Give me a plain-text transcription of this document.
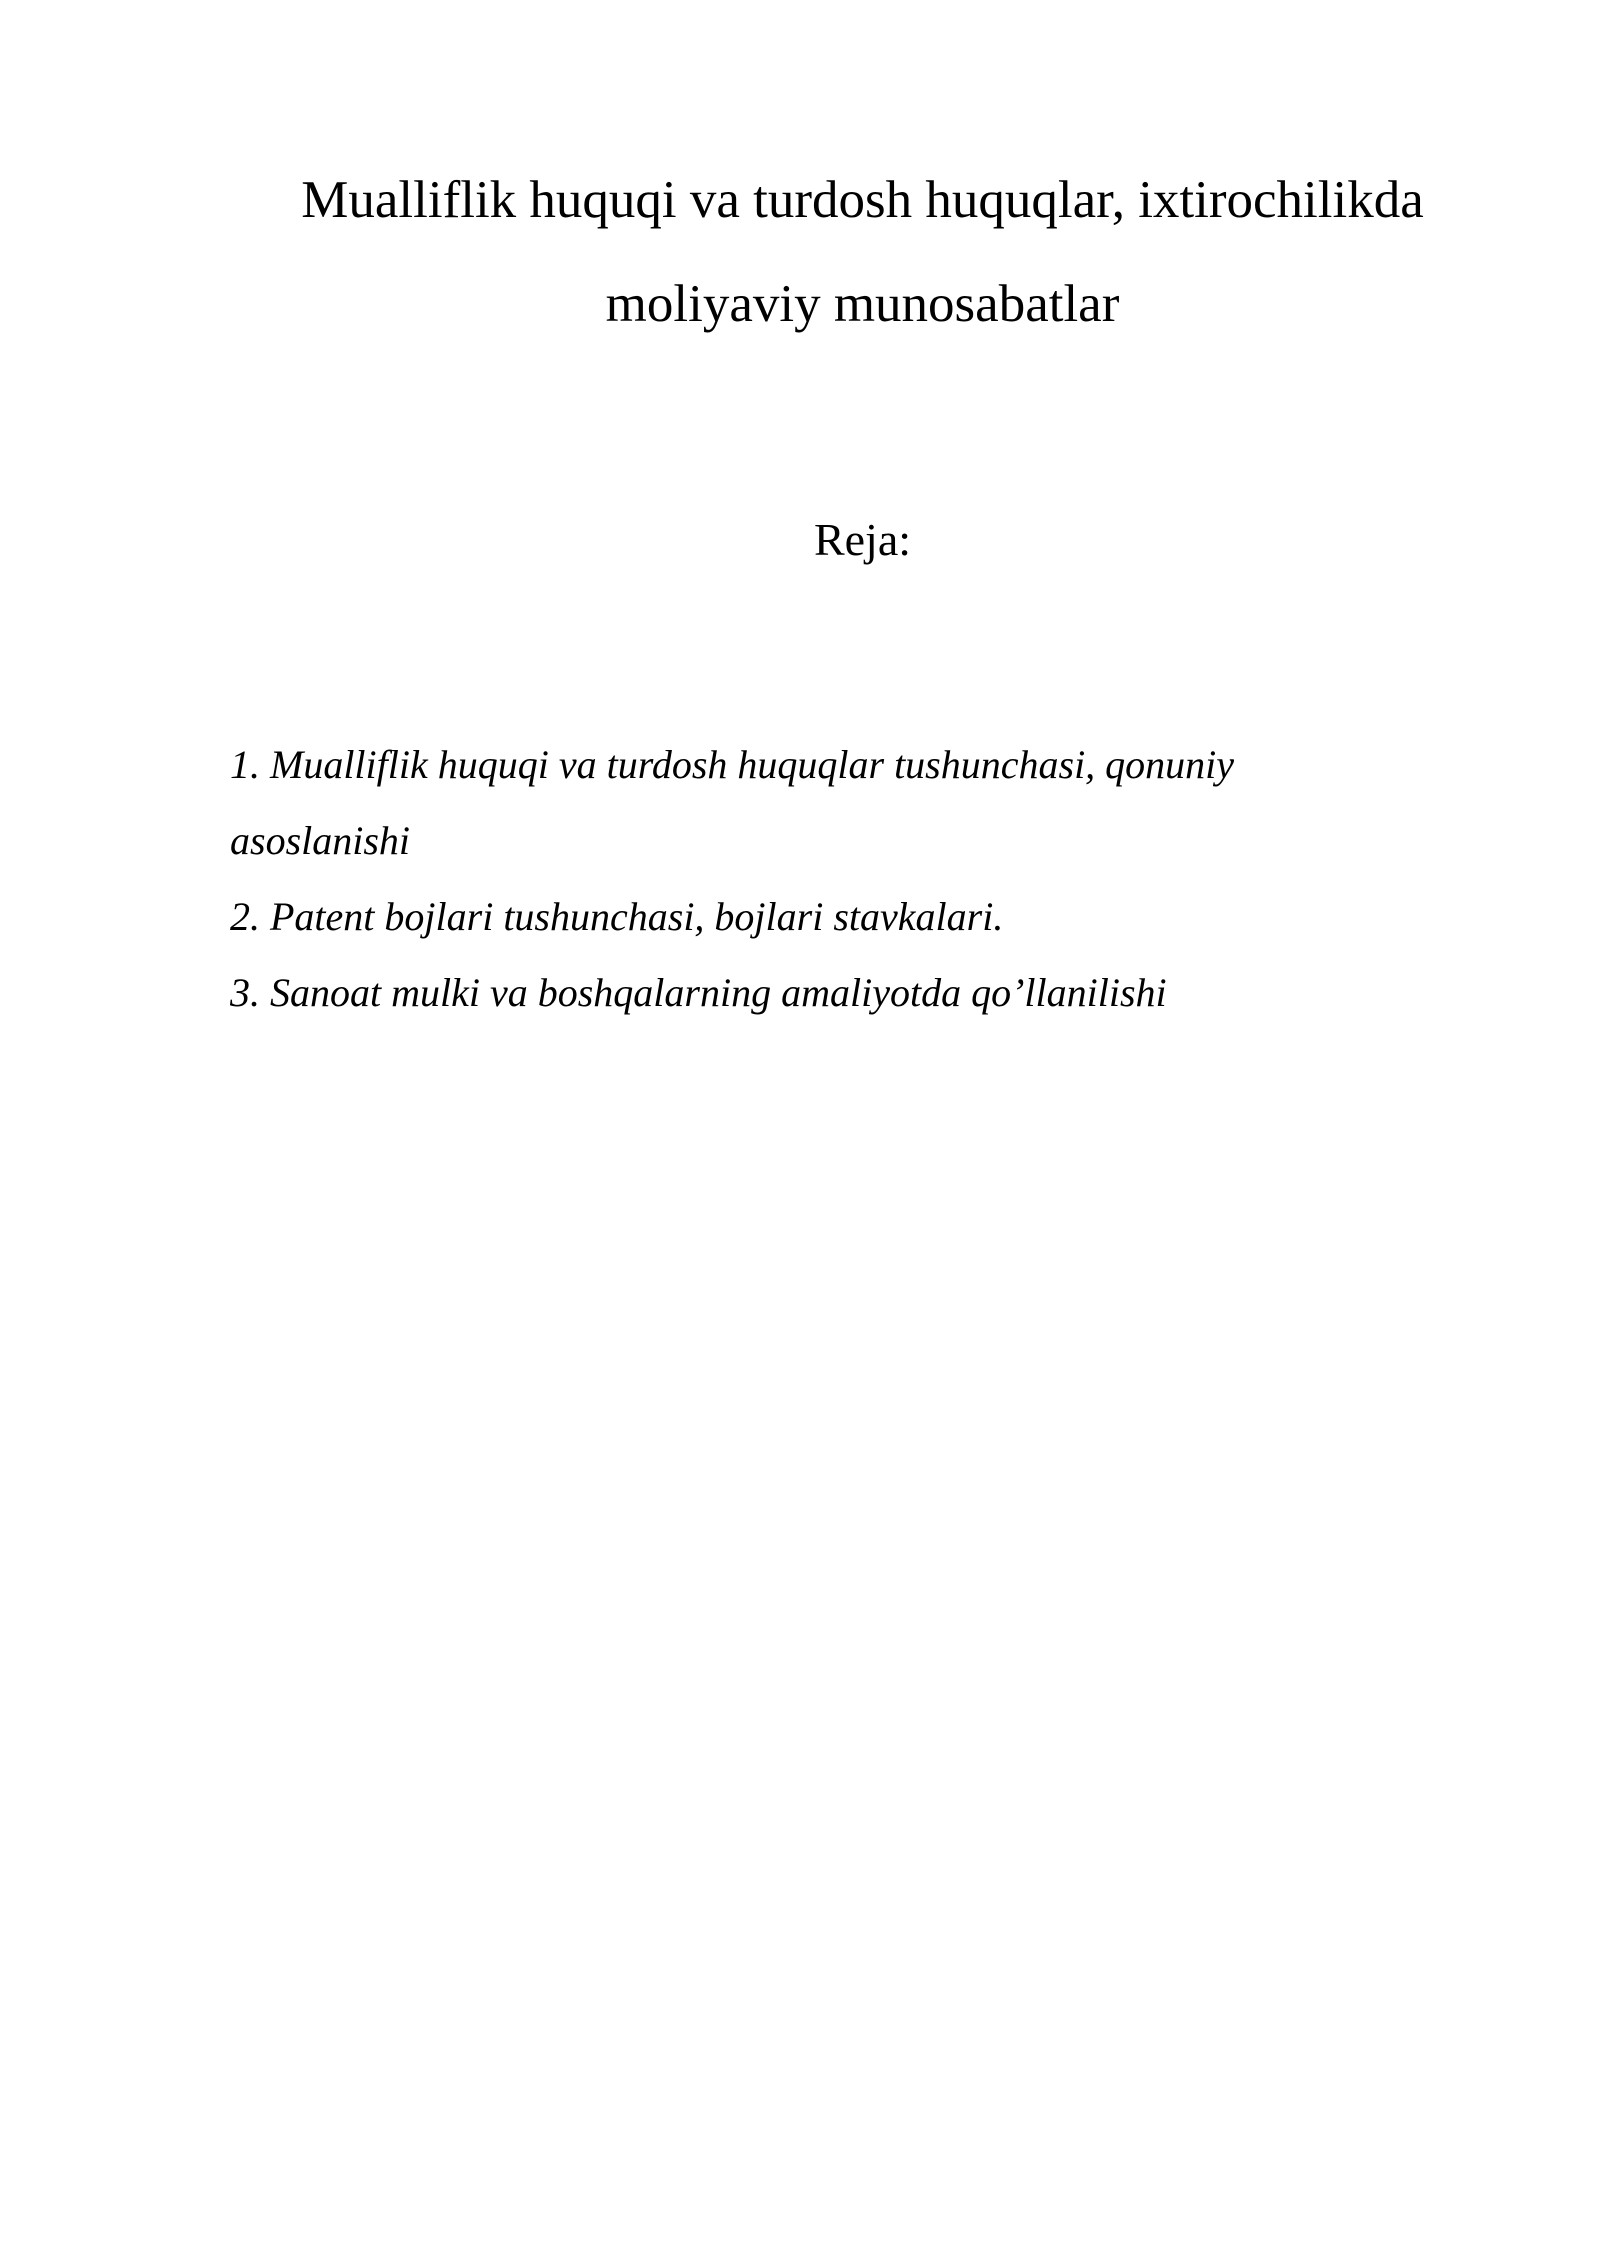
Mualliflik huquqi va turdosh huquqlar, ixtirochilikda moliyaviy munosabatlar
Reja:
1. Mualliflik huquqi va turdosh huquqlar tushunchasi, qonuniy asoslanishi
2. Patent bojlari tushunchasi, bojlari stavkalari.
3. Sanoat mulki va boshqalarning amaliyotda qo’llanilishi
